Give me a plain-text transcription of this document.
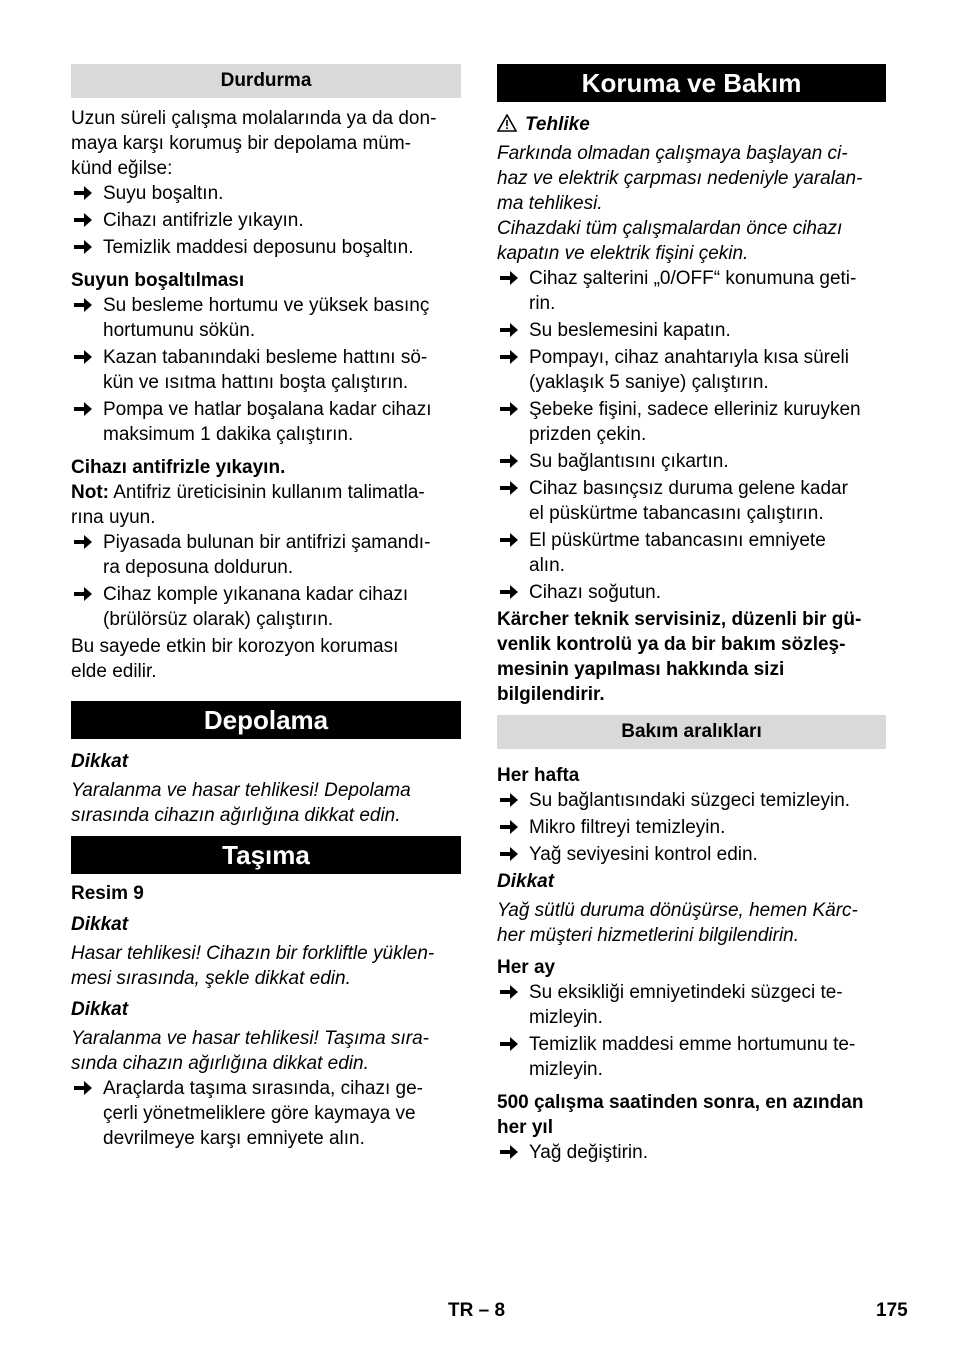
Durdurma

Uzun süreli çalışma molalarında ya da don-
maya karşı korumuş bir depolama müm-
künd eğilse:

Suyu boşaltın.
Cihazı antifrizle yıkayın.
Temizlik maddesi deposunu boşaltın.

Suyun boşaltılması

Su besleme hortumu ve yüksek basınç
hortumunu sökün.
Kazan tabanındaki besleme hattını sö-
kün ve ısıtma hattını boşta çalıştırın.
Pompa ve hatlar boşalana kadar cihazı
maksimum 1 dakika çalıştırın.

Cihazı antifrizle yıkayın.

Not: Antifriz üreticisinin kullanım talimatla-
rına uyun.

Piyasada bulunan bir antifrizi şamandı-
ra deposuna doldurun.
Cihaz komple yıkanana kadar cihazı
(brülörsüz olarak) çalıştırın.

Bu sayede etkin bir korozyon koruması
elde edilir.

Depolama

Dikkat

Yaralanma ve hasar tehlikesi! Depolama
sırasında cihazın ağırlığına dikkat edin.

Taşıma

Resim 9

Dikkat

Hasar tehlikesi! Cihazın bir forkliftle yüklen-
mesi sırasında, şekle dikkat edin.

Dikkat

Yaralanma ve hasar tehlikesi! Taşıma sıra-
sında cihazın ağırlığına dikkat edin.

Araçlarda taşıma sırasında, cihazı ge-
çerli yönetmeliklere göre kaymaya ve
devrilmeye karşı emniyete alın.
Koruma ve Bakım

Tehlike

Farkında olmadan çalışmaya başlayan ci-
haz ve elektrik çarpması nedeniyle yaralan-
ma tehlikesi.

Cihazdaki tüm çalışmalardan önce cihazı
kapatın ve elektrik fişini çekin.

Cihaz şalterini „0/OFF“ konumuna geti-
rin.
Su beslemesini kapatın.
Pompayı, cihaz anahtarıyla kısa süreli
(yaklaşık 5 saniye) çalıştırın.
Şebeke fişini, sadece elleriniz kuruyken
prizden çekin.
Su bağlantısını çıkartın.
Cihaz basınçsız duruma gelene kadar
el püskürtme tabancasını çalıştırın.
El püskürtme tabancasını emniyete
alın.
Cihazı soğutun.

Kärcher teknik servisiniz, düzenli bir gü-
venlik kontrolü ya da bir bakım sözleş-
mesinin yapılması hakkında sizi
bilgilendirir.

Bakım aralıkları

Her hafta

Su bağlantısındaki süzgeci temizleyin.
Mikro filtreyi temizleyin.
Yağ seviyesini kontrol edin.

Dikkat

Yağ sütlü duruma dönüşürse, hemen Kärc-
her müşteri hizmetlerini bilgilendirin.

Her ay

Su eksikliği emniyetindeki süzgeci te-
mizleyin.
Temizlik maddesi emme hortumunu te-
mizleyin.

500 çalışma saatinden sonra, en azından
her yıl

Yağ değiştirin.
TR – 8	175
